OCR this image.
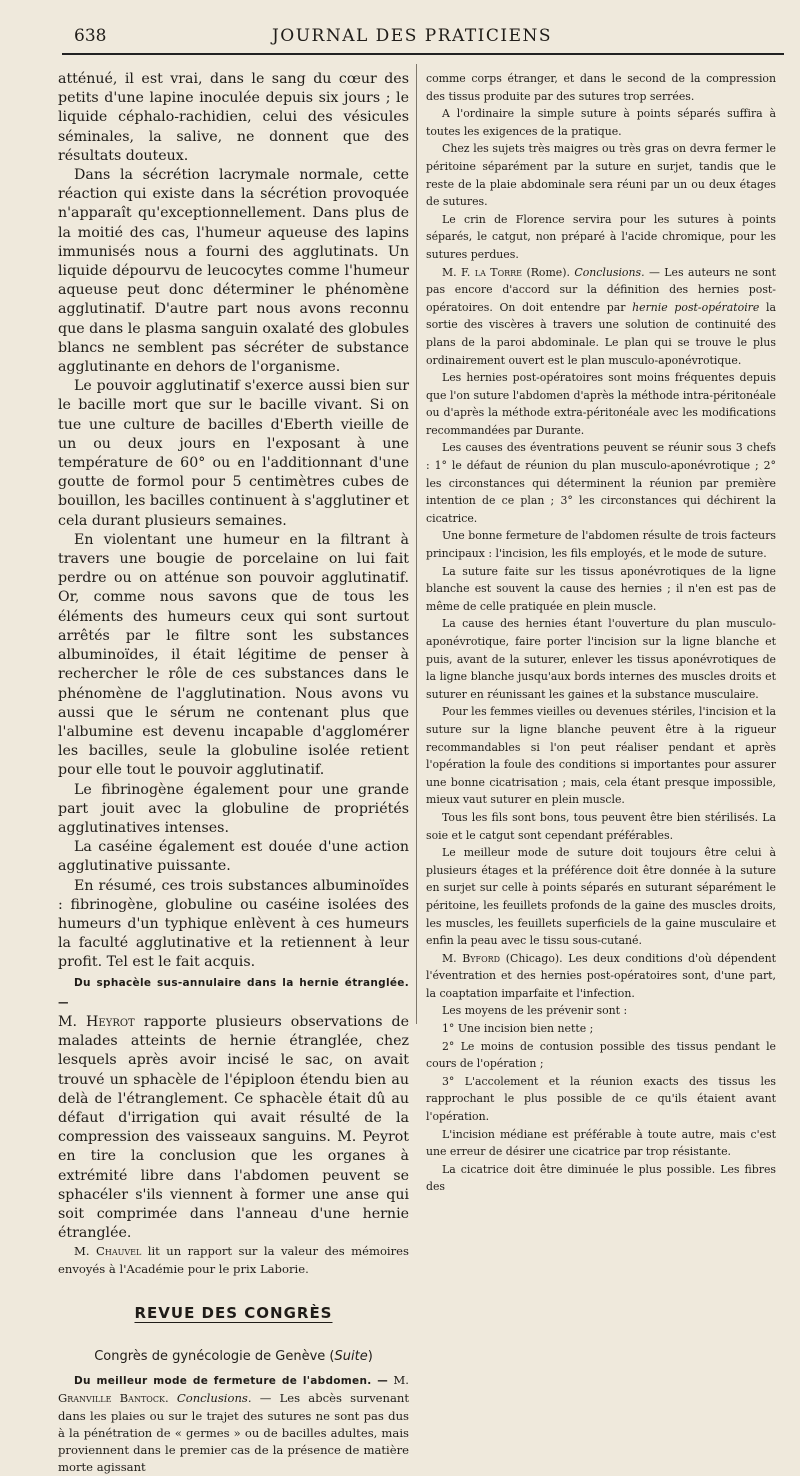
638	JOURNAL DES PRATICIENS

atténué, il est vrai, dans le sang du cœur des petits d'une lapine inoculée depuis six jours ; le liquide céphalo-rachidien, celui des vésicules séminales, la salive, ne donnent que des résultats douteux.

Dans la sécrétion lacrymale normale, cette réaction qui existe dans la sécrétion provoquée n'apparaît qu'exceptionnellement. Dans plus de la moitié des cas, l'humeur aqueuse des lapins immunisés nous a fourni des agglutinats. Un liquide dépourvu de leucocytes comme l'humeur aqueuse peut donc déterminer le phénomène agglutinatif. D'autre part nous avons reconnu que dans le plasma sanguin oxalaté des globules blancs ne semblent pas sécréter de substance agglutinante en dehors de l'organisme.

Le pouvoir agglutinatif s'exerce aussi bien sur le bacille mort que sur le bacille vivant. Si on tue une culture de bacilles d'Eberth vieille de un ou deux jours en l'exposant à une température de 60° ou en l'additionnant d'une goutte de formol pour 5 centimètres cubes de bouillon, les bacilles continuent à s'agglutiner et cela durant plusieurs semaines.

En violentant une humeur en la filtrant à travers une bougie de porcelaine on lui fait perdre ou on atténue son pouvoir agglutinatif. Or, comme nous savons que de tous les éléments des humeurs ceux qui sont surtout arrêtés par le filtre sont les substances albuminoïdes, il était légitime de penser à rechercher le rôle de ces substances dans le phénomène de l'agglutination. Nous avons vu aussi que le sérum ne contenant plus que l'albumine est devenu incapable d'agglomérer les bacilles, seule la globuline isolée retient pour elle tout le pouvoir agglutinatif.

Le fibrinogène également pour une grande part jouit avec la globuline de propriétés agglutinatives intenses.

La caséine également est douée d'une action agglutinative puissante.

En résumé, ces trois substances albuminoïdes : fibrinogène, globuline ou caséine isolées des humeurs d'un typhique enlèvent à ces humeurs la faculté agglutinative et la retiennent à leur profit. Tel est le fait acquis.

Du sphacèle sus-annulaire dans la hernie étranglée. —
M. Heyrot rapporte plusieurs observations de malades atteints de hernie étranglée, chez lesquels après avoir incisé le sac, on avait trouvé un sphacèle de l'épiploon étendu bien au delà de l'étranglement. Ce sphacèle était dû au défaut d'irrigation qui avait résulté de la compression des vaisseaux sanguins. M. Peyrot en tire la conclusion que les organes à extrémité libre dans l'abdomen peuvent se sphacéler s'ils viennent à former une anse qui soit comprimée dans l'anneau d'une hernie étranglée.

M. Chauvel lit un rapport sur la valeur des mémoires envoyés à l'Académie pour le prix Laborie.

REVUE DES CONGRÈS
Congrès de gynécologie de Genève (Suite)

Du meilleur mode de fermeture de l'abdomen. — M. Granville Bantock. Conclusions. — Les abcès survenant dans les plaies ou sur le trajet des sutures ne sont pas dus à la pénétration de « germes » ou de bacilles adultes, mais proviennent dans le premier cas de la présence de matière morte agissant

comme corps étranger, et dans le second de la compression des tissus produite par des sutures trop serrées.

A l'ordinaire la simple suture à points séparés suffira à toutes les exigences de la pratique.

Chez les sujets très maigres ou très gras on devra fermer le péritoine séparément par la suture en surjet, tandis que le reste de la plaie abdominale sera réuni par un ou deux étages de sutures.

Le crin de Florence servira pour les sutures à points séparés, le catgut, non préparé à l'acide chromique, pour les sutures perdues.

M. F. la Torre (Rome). Conclusions. — Les auteurs ne sont pas encore d'accord sur la définition des hernies post-opératoires. On doit entendre par hernie post-opératoire la sortie des viscères à travers une solution de continuité des plans de la paroi abdominale. Le plan qui se trouve le plus ordinairement ouvert est le plan musculo-aponévrotique.

Les hernies post-opératoires sont moins fréquentes depuis que l'on suture l'abdomen d'après la méthode intra-péritonéale ou d'après la méthode extra-péritonéale avec les modifications recommandées par Durante.

Les causes des éventrations peuvent se réunir sous 3 chefs : 1° le défaut de réunion du plan musculo-aponévrotique ; 2° les circonstances qui déterminent la réunion par première intention de ce plan ; 3° les circonstances qui déchirent la cicatrice.

Une bonne fermeture de l'abdomen résulte de trois facteurs principaux : l'incision, les fils employés, et le mode de suture.

La suture faite sur les tissus aponévrotiques de la ligne blanche est souvent la cause des hernies ; il n'en est pas de même de celle pratiquée en plein muscle.

La cause des hernies étant l'ouverture du plan musculo-aponévrotique, faire porter l'incision sur la ligne blanche et puis, avant de la suturer, enlever les tissus aponévrotiques de la ligne blanche jusqu'aux bords internes des muscles droits et suturer en réunissant les gaines et la substance musculaire.

Pour les femmes vieilles ou devenues stériles, l'incision et la suture sur la ligne blanche peuvent être à la rigueur recommandables si l'on peut réaliser pendant et après l'opération la foule des conditions si importantes pour assurer une bonne cicatrisation ; mais, cela étant presque impossible, mieux vaut suturer en plein muscle.

Tous les fils sont bons, tous peuvent être bien stérilisés. La soie et le catgut sont cependant préférables.

Le meilleur mode de suture doit toujours être celui à plusieurs étages et la préférence doit être donnée à la suture en surjet sur celle à points séparés en suturant séparément le péritoine, les feuillets profonds de la gaine des muscles droits, les muscles, les feuillets superficiels de la gaine musculaire et enfin la peau avec le tissu sous-cutané.

M. Byford (Chicago). Les deux conditions d'où dépendent l'éventration et des hernies post-opératoires sont, d'une part, la coaptation imparfaite et l'infection.

Les moyens de les prévenir sont :

1° Une incision bien nette ;

2° Le moins de contusion possible des tissus pendant le cours de l'opération ;

3° L'accolement et la réunion exacts des tissus les rapprochant le plus possible de ce qu'ils étaient avant l'opération.

L'incision médiane est préférable à toute autre, mais c'est une erreur de désirer une cicatrice par trop résistante.

La cicatrice doit être diminuée le plus possible. Les fibres des
